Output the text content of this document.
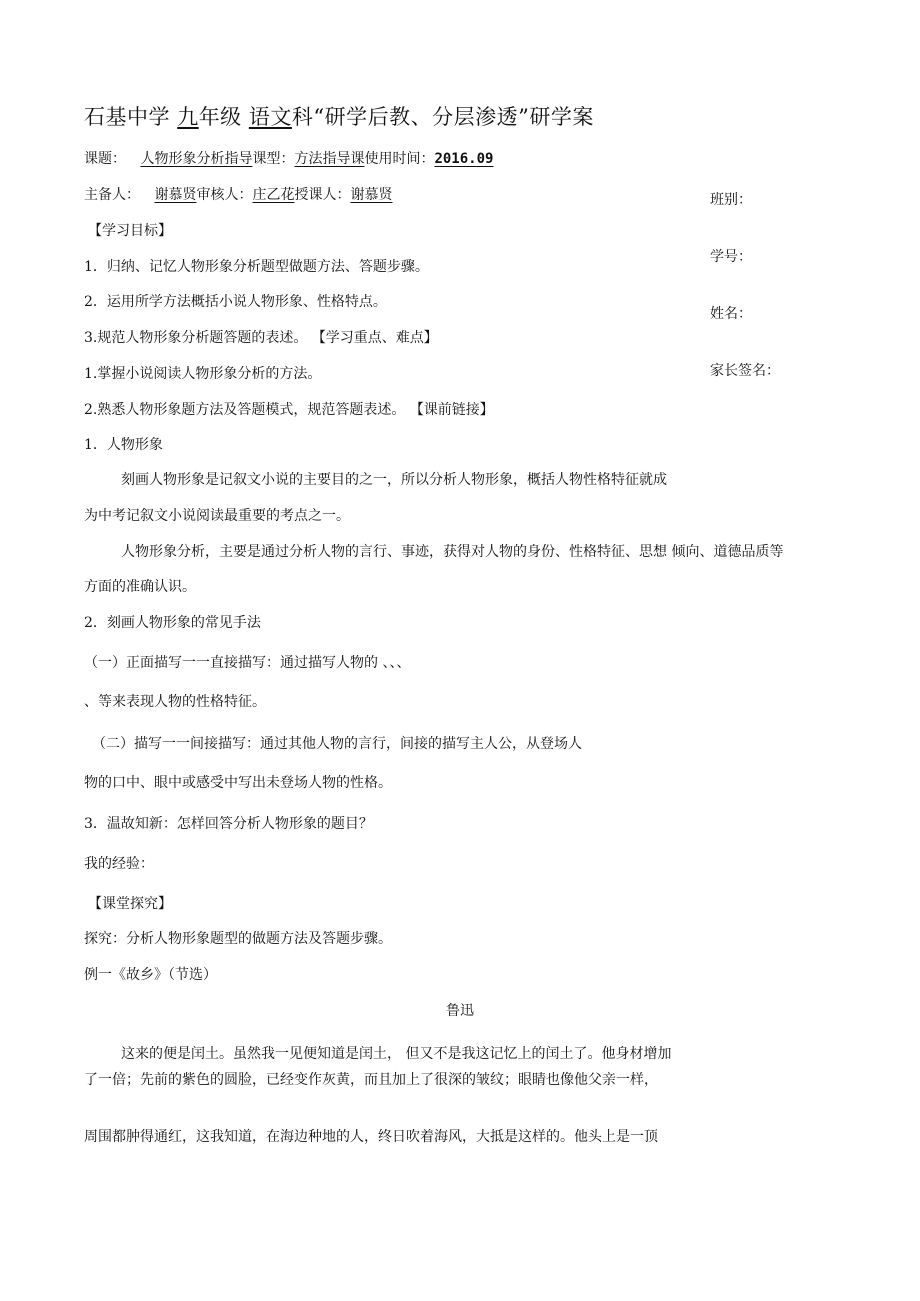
石基中学 九年级 语文科“研学后教、分层渗透”研学案
课题： 人物形象分析指导课型：方法指导课使用时间：2016.09
主备人： 谢慕贤审核人：庄乙花授课人：谢慕贤	班别：
学号：
姓名：
家长签名：
【学习目标】
1．归纳、记忆人物形象分析题型做题方法、答题步骤。
2．运用所学方法概括小说人物形象、性格特点。
3.规范人物形象分析题答题的表述。 【学习重点、难点】
1.掌握小说阅读人物形象分析的方法。
2.熟悉人物形象题方法及答题模式，规范答题表述。 【课前链接】
1．人物形象
刻画人物形象是记叙文小说的主要目的之一，所以分析人物形象，概括人物性格特征就成
为中考记叙文小说阅读最重要的考点之一。
人物形象分析，主要是通过分析人物的言行、事迹，获得对人物的身份、性格特征、思想 倾向、道德品质等
方面的准确认识。
2．刻画人物形象的常见手法
（一）正面描写一一直接描写：通过描写人物的 、、、
、等来表现人物的性格特征。
（二）描写一一间接描写：通过其他人物的言行，间接的描写主人公，从登场人
物的口中、眼中或感受中写出未登场人物的性格。
3．温故知新：怎样回答分析人物形象的题目？
我的经验：
【课堂探究】
探究：分析人物形象题型的做题方法及答题步骤。
例一《故乡》（节选）
鲁迅
这来的便是闰土。虽然我一见便知道是闰土， 但又不是我这记忆上的闰土了。他身材增加
了一倍；先前的紫色的圆脸，已经变作灰黄，而且加上了很深的皱纹；眼睛也像他父亲一样，
周围都肿得通红，这我知道，在海边种地的人，终日吹着海风，大抵是这样的。他头上是一顶
